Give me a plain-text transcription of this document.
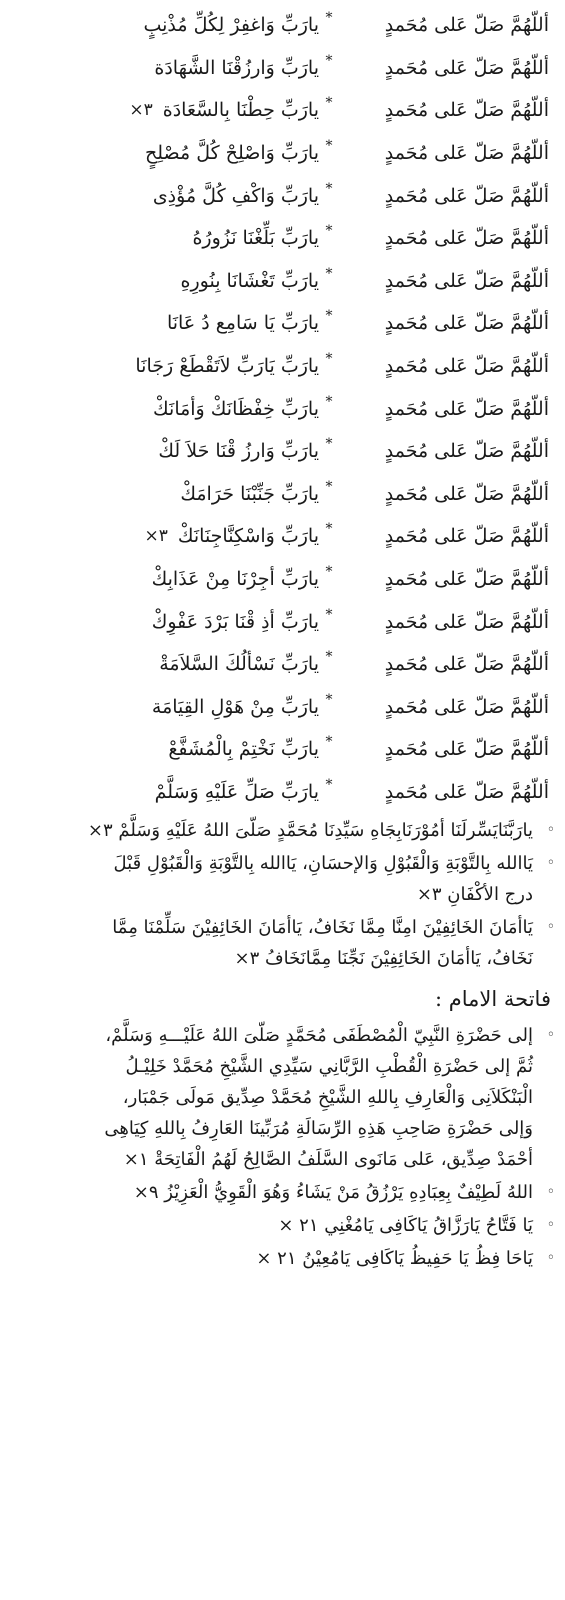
أللّهُمَّ صَلّ عَلى مُحَمدٍ
*
يارَبِّ وَاغفِرْ لِكُلِّ مُذْنِبٍ
أللّهُمَّ صَلّ عَلى مُحَمدٍ
*
يارَبِّ وَارزُقْنَا الشَّهَادَة
أللّهُمَّ صَلّ عَلى مُحَمدٍ
*
يارَبِّ حِطْنَا بِالسَّعَادَة
٣×
أللّهُمَّ صَلّ عَلى مُحَمدٍ
*
يارَبِّ وَاصْلِحْ كُلَّ مُصْلِحٍ
أللّهُمَّ صَلّ عَلى مُحَمدٍ
*
يارَبِّ وَاكْفِ كُلَّ مُؤْذِى
أللّهُمَّ صَلّ عَلى مُحَمدٍ
*
يارَبِّ بَلِّغْنَا نَزُورُهُ
أللّهُمَّ صَلّ عَلى مُحَمدٍ
*
يارَبِّ تَغْشَانَا بِنُورِهِ
أللّهُمَّ صَلّ عَلى مُحَمدٍ
*
يارَبِّ يَا سَامِع دُ عَانَا
أللّهُمَّ صَلّ عَلى مُحَمدٍ
*
يارَبِّ يَارَبِّ لاَتَقْطَعْ رَجَانَا
أللّهُمَّ صَلّ عَلى مُحَمدٍ
*
يارَبِّ خِفْظَانَكْ وَأمَانَكْ
أللّهُمَّ صَلّ عَلى مُحَمدٍ
*
يارَبِّ وَارزُ قْنَا حَلاَ لَكْ
أللّهُمَّ صَلّ عَلى مُحَمدٍ
*
يارَبِّ جَنِّبْنَا حَرَامَكْ
أللّهُمَّ صَلّ عَلى مُحَمدٍ
*
يارَبِّ وَاسْكِنَّاجِنَانَكْ
٣×
أللّهُمَّ صَلّ عَلى مُحَمدٍ
*
يارَبِّ أجِرْنَا مِنْ عَذَابِكْ
أللّهُمَّ صَلّ عَلى مُحَمدٍ
*
يارَبِّ أذِ قْنَا بَرْدَ عَفْوِكْ
أللّهُمَّ صَلّ عَلى مُحَمدٍ
*
يارَبِّ نَسْألُكَ السَّلاَمَةْ
أللّهُمَّ صَلّ عَلى مُحَمدٍ
*
يارَبِّ مِنْ هَوْلِ القِيَامَة
أللّهُمَّ صَلّ عَلى مُحَمدٍ
*
يارَبِّ نَخْتِمْ بِالْمُشَفَّعْ
أللّهُمَّ صَلّ عَلى مُحَمدٍ
*
يارَبِّ صَلِّ عَلَيْهِ وَسَلَّمْ
◦
يارَبَّنَايَسِّرلَنَا أمُوْرَنَابِجَاهِ سَيِّدِنَا مُحَمَّدٍ صَلّىَ اللهُ عَلَيْهِ وَسَلَّمْ ٣×
◦
يَاالله بِالتَّوْبَةِ وَالْقَبُوْلِ وَالإحسَانِ، يَاالله بِالتَّوْبَةِ وَالْقَبُوْلِ قَبْلَ
درج الأكْفَانِ ٣×
◦
يَاأمَانَ الخَائِفِيْنَ امِنَّا مِمَّا نَخَافُ، يَاأمَانَ الخَائِفِيْنَ سَلِّمْنَا مِمَّا
نَخَافُ، يَاأمَانَ الخَائِفِيْنَ نَجِّنَا مِمَّانَخَافُ ٣×
فاتحة الامام :
◦
إلى حَضْرَةِ النَّبِيّ الْمُصْطَفَى مُحَمَّدٍ صَلّىَ اللهُ عَلَيْـــهِ وَسَلَّمْ،
ثُمَّ إلى حَضْرَةِ الْقُطْبِ الرَّبَّانِي سَيِّدِي الشَّيْخِ مُحَمَّدْ خَلِيْـلُ
الْبَنْكَلاَنِى وَالْعَارِفِ بِاللهِ الشَّيْخِ مُحَمَّدْ صِدِّيق مَولَى جَمْبَار،
وَإلى حَضْرَةِ صَاحِبِ هَذِهِ الرِّسَالَةِ مُرَبِّينَا العَارِفُ بِاللهِ كِيَاهِى
أحْمَدْ صِدِّيق، عَلى مَانَوى السَّلَفُ الصَّالِحُ لَهُمُ الْفَاتِحَةْ ١×
◦
اللهُ لَطِيْفٌ بِعِبَادِهِ يَرْزُقُ مَنْ يَشَاءُ وَهُوَ الْقَوِيُّ الْعَزِيْزُ ٩×
◦
يَا فَتَّاحُ يَارَزَّاقُ يَاكَافِى يَامُغْنِي ٢١ ×
◦
يَاحَا فِظُ يَا حَفِيظُ يَاكَافِى يَامُعِيْنُ ٢١ ×
